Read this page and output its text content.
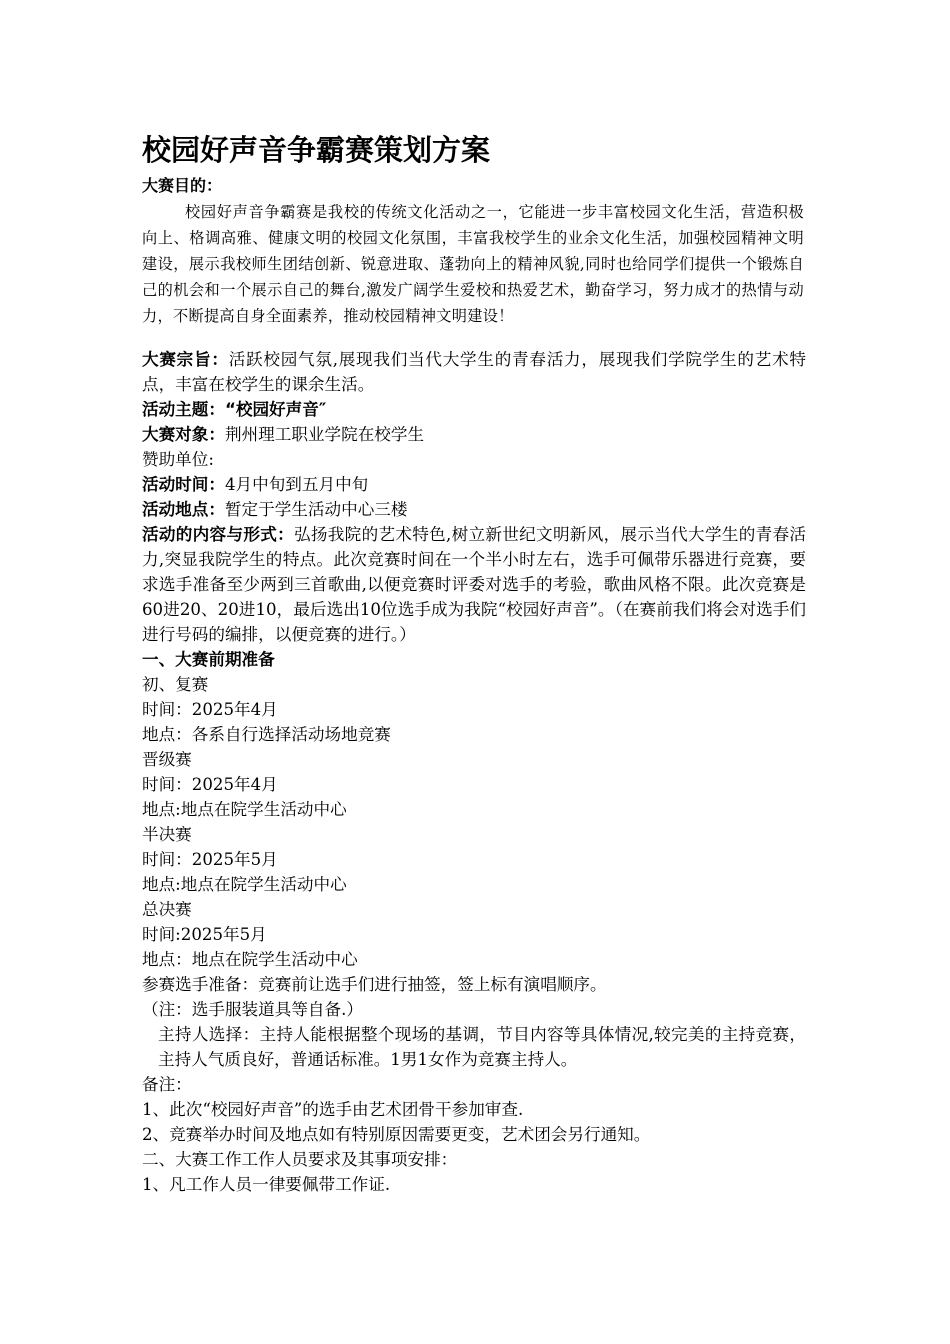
校园好声音争霸赛策划方案
大赛目的：
校园好声音争霸赛是我校的传统文化活动之一，它能进一步丰富校园文化生活，营造积极向上、格调高雅、健康文明的校园文化氛围，丰富我校学生的业余文化生活，加强校园精神文明建设，展示我校师生团结创新、锐意进取、蓬勃向上的精神风貌,同时也给同学们提供一个锻炼自己的机会和一个展示自己的舞台,激发广阔学生爱校和热爱艺术，勤奋学习，努力成才的热情与动力，不断提高自身全面素养，推动校园精神文明建设！

大赛宗旨：活跃校园气氛,展现我们当代大学生的青春活力，展现我们学院学生的艺术特点，丰富在校学生的课余生活。

活动主题：“校园好声音″

大赛对象：荆州理工职业学院在校学生

赞助单位:

活动时间：4月中旬到五月中旬

活动地点：暂定于学生活动中心三楼

活动的内容与形式：弘扬我院的艺术特色,树立新世纪文明新风，展示当代大学生的青春活力,突显我院学生的特点。此次竞赛时间在一个半小时左右，选手可佩带乐器进行竞赛，要求选手准备至少两到三首歌曲,以便竞赛时评委对选手的考验，歌曲风格不限。此次竞赛是60进20、20进10，最后选出10位选手成为我院“校园好声音”。（在赛前我们将会对选手们进行号码的编排，以便竞赛的进行。）

一、大赛前期准备

初、复赛

时间：2025年4月

地点：各系自行选择活动场地竞赛

晋级赛

时间：2025年4月

地点:地点在院学生活动中心

半决赛

时间：2025年5月

地点:地点在院学生活动中心

总决赛

时间:2025年5月

地点：地点在院学生活动中心

参赛选手准备：竞赛前让选手们进行抽签，签上标有演唱顺序。

（注：选手服装道具等自备.）

主持人选择：主持人能根据整个现场的基调，节目内容等具体情况,较完美的主持竞赛，主持人气质良好，普通话标准。1男1女作为竞赛主持人。

备注：

1、此次“校园好声音”的选手由艺术团骨干参加审查.

2、竞赛举办时间及地点如有特别原因需要更变，艺术团会另行通知。

二、大赛工作工作人员要求及其事项安排：

1、凡工作人员一律要佩带工作证.
